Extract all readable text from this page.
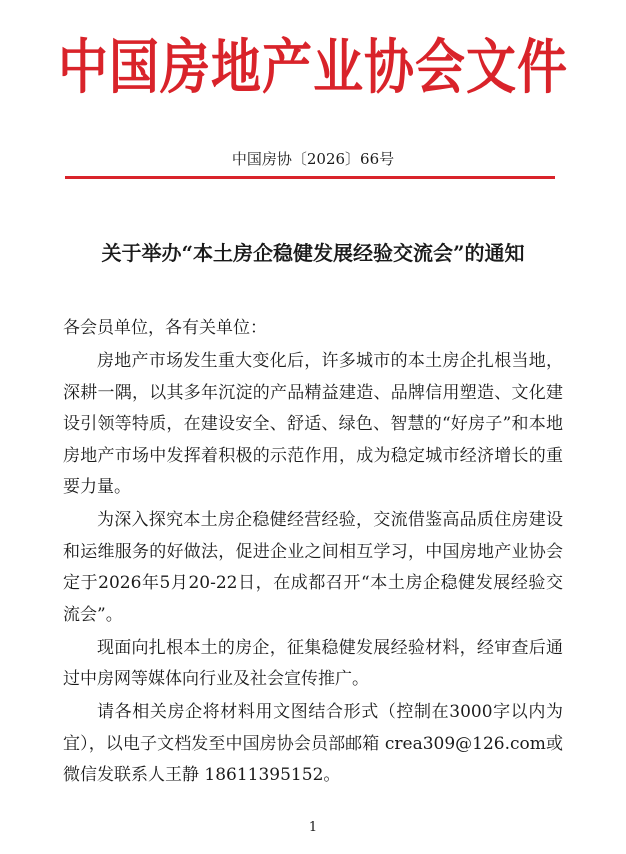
中国房地产业协会文件
中国房协〔2026〕66号
关于举办“本土房企稳健发展经验交流会”的通知

各会员单位，各有关单位：

房地产市场发生重大变化后，许多城市的本土房企扎根当地，深耕一隅，以其多年沉淀的产品精益建造、品牌信用塑造、文化建设引领等特质，在建设安全、舒适、绿色、智慧的“好房子”和本地房地产市场中发挥着积极的示范作用，成为稳定城市经济增长的重要力量。

为深入探究本土房企稳健经营经验，交流借鉴高品质住房建设和运维服务的好做法，促进企业之间相互学习，中国房地产业协会定于2026年5月20-22日，在成都召开“本土房企稳健发展经验交流会”。

现面向扎根本土的房企，征集稳健发展经验材料，经审查后通过中房网等媒体向行业及社会宣传推广。

请各相关房企将材料用文图结合形式（控制在3000字以内为宜），以电子文档发至中国房协会员部邮箱 crea309@126.com或微信发联系人王静 18611395152。

1
